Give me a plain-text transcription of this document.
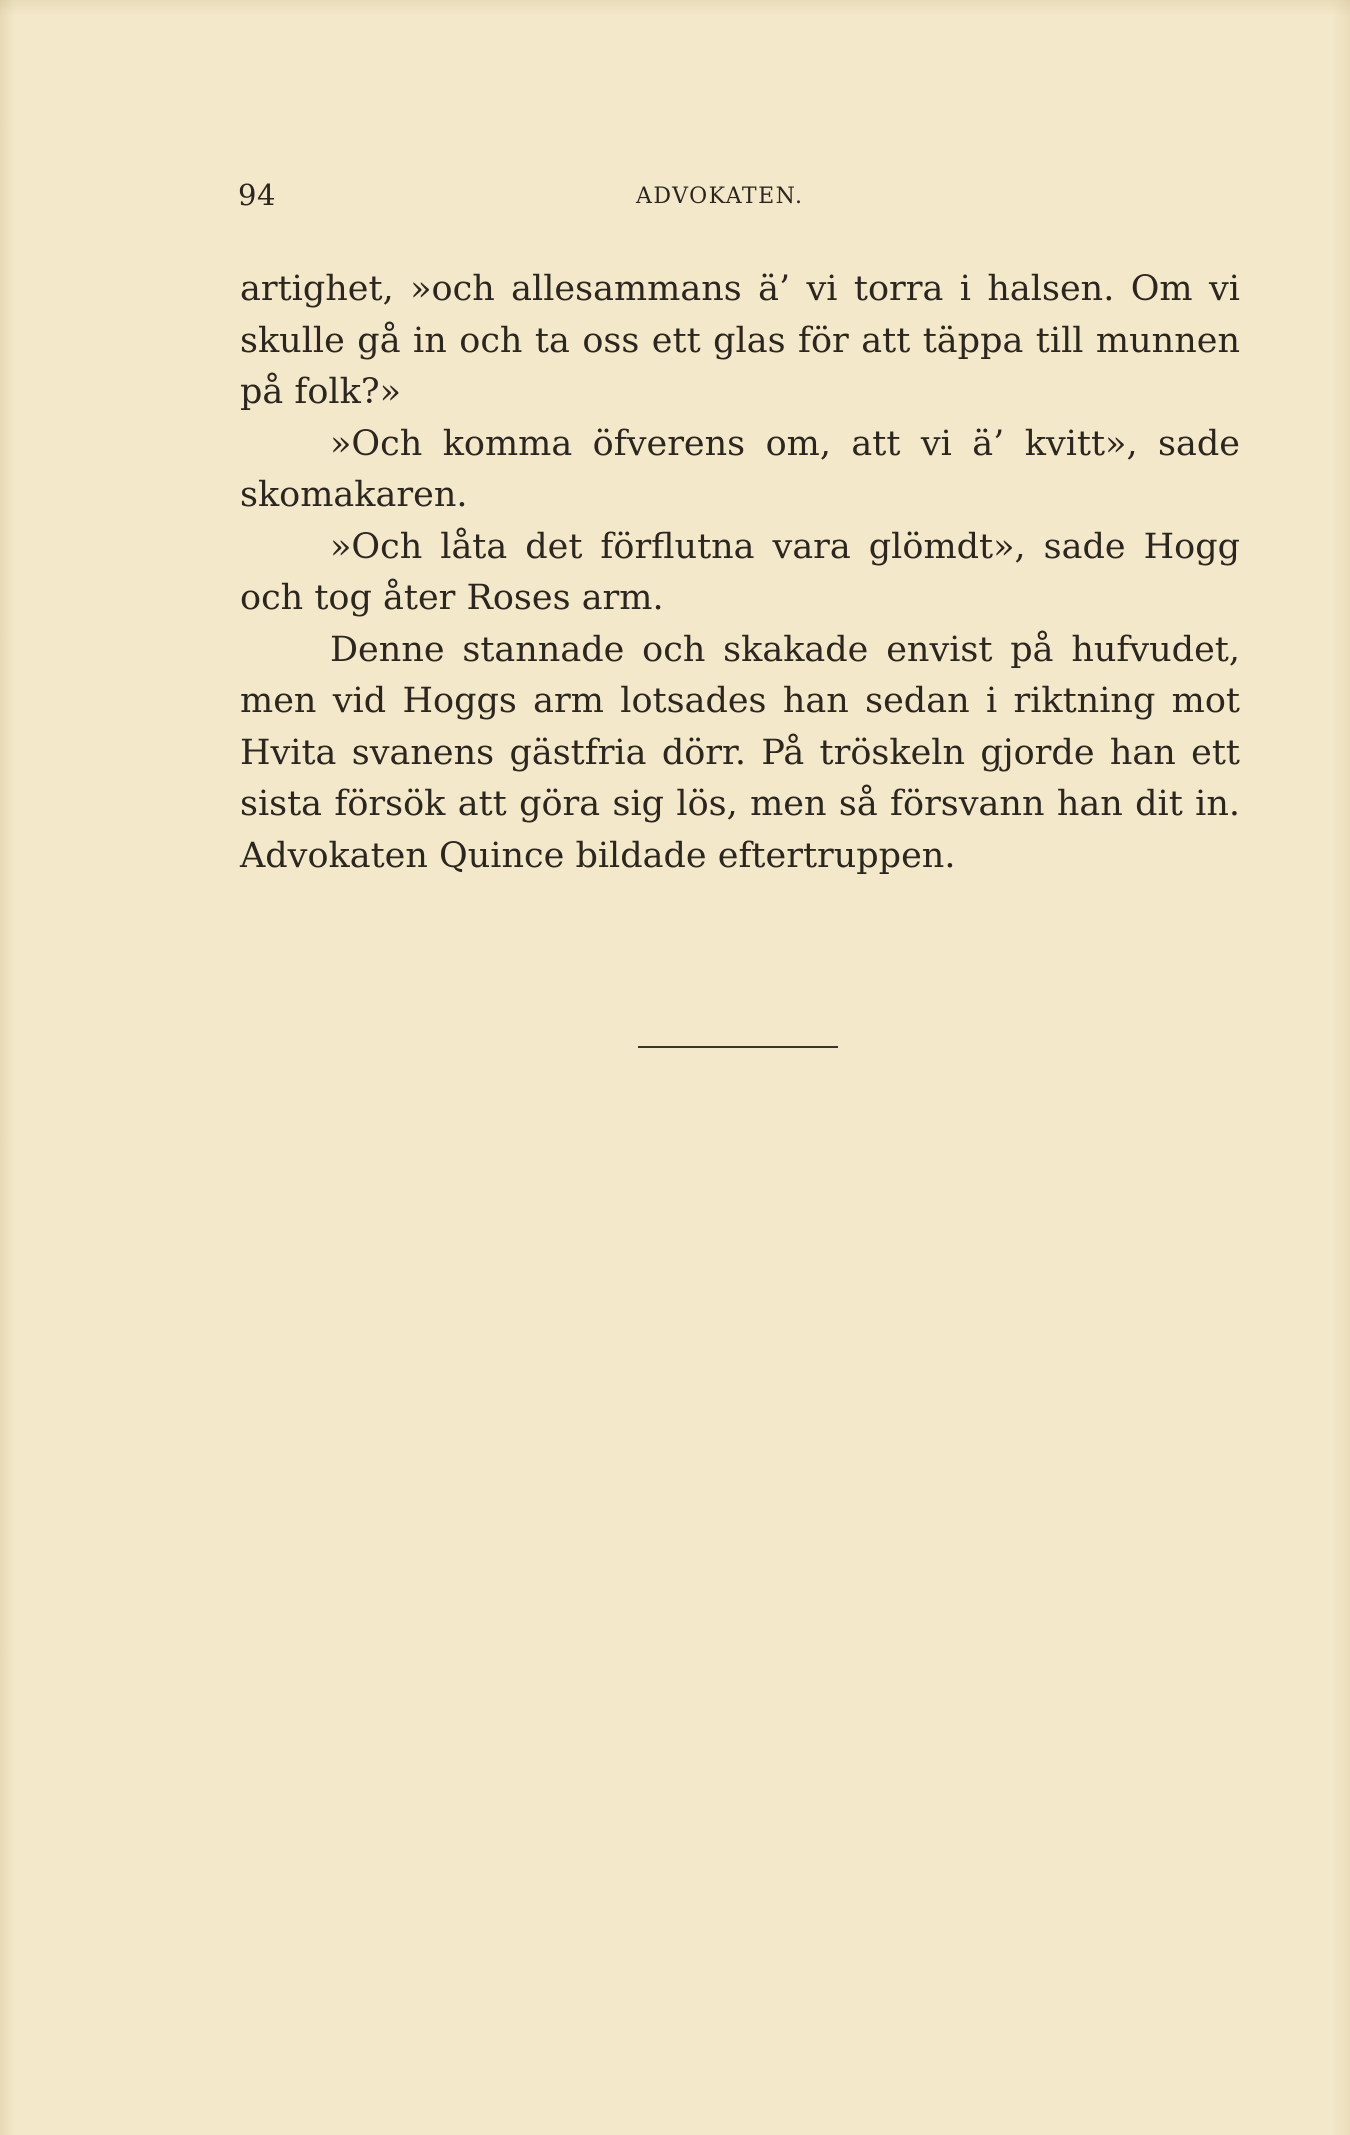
94	ADVOKATEN.

artighet, »och allesammans ä’ vi torra i halsen. Om vi skulle gå in och ta oss ett glas för att täppa till munnen på folk?»

»Och komma öfverens om, att vi ä’ kvitt», sade skomakaren.

»Och låta det förflutna vara glömdt», sade Hogg och tog åter Roses arm.

Denne stannade och skakade envist på hufvudet, men vid Hoggs arm lotsades han sedan i riktning mot Hvita svanens gästfria dörr. På tröskeln gjorde han ett sista försök att göra sig lös, men så försvann han dit in. Advokaten Quince bildade eftertruppen.
